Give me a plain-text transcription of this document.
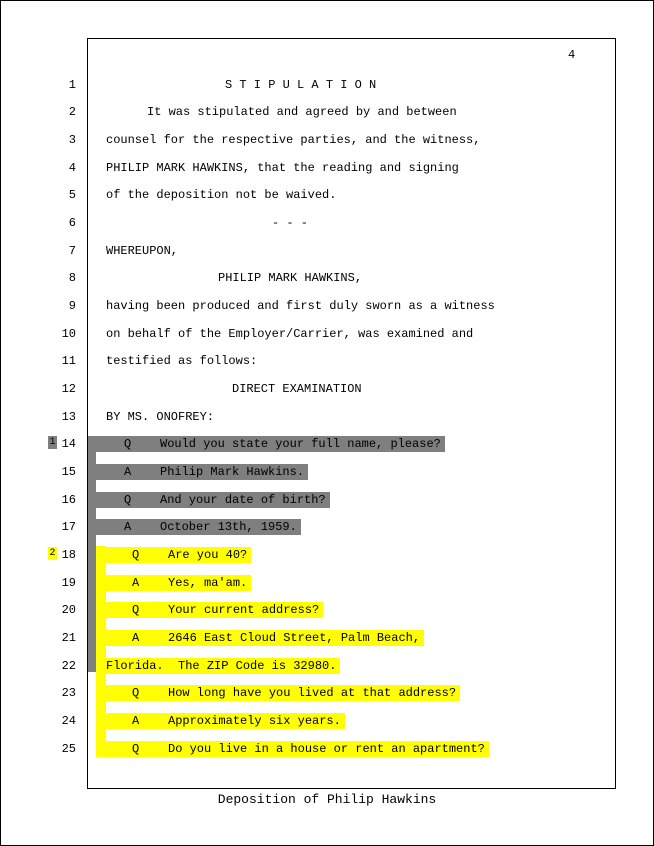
4
1
2
1
2
3
4
5
6
7
8
9
10
11
12
13
14
15
16
17
18
19
20
21
22
23
24
25
S T I P U L A T I O N
It was stipulated and agreed by and between
counsel for the respective parties, and the witness,
PHILIP MARK HAWKINS, that the reading and signing
of the deposition not be waived.
- - -
WHEREUPON,
PHILIP MARK HAWKINS,
having been produced and first duly sworn as a witness
on behalf of the Employer/Carrier, was examined and
testified as follows:
DIRECT EXAMINATION
BY MS. ONOFREY:
Q    Would you state your full name, please?
A    Philip Mark Hawkins.
Q    And your date of birth?
A    October 13th, 1959.
Q    Are you 40?
A    Yes, ma'am.
Q    Your current address?
A    2646 East Cloud Street, Palm Beach,
Florida.  The ZIP Code is 32980.
Q    How long have you lived at that address?
A    Approximately six years.
Q    Do you live in a house or rent an apartment?
Deposition of Philip Hawkins
